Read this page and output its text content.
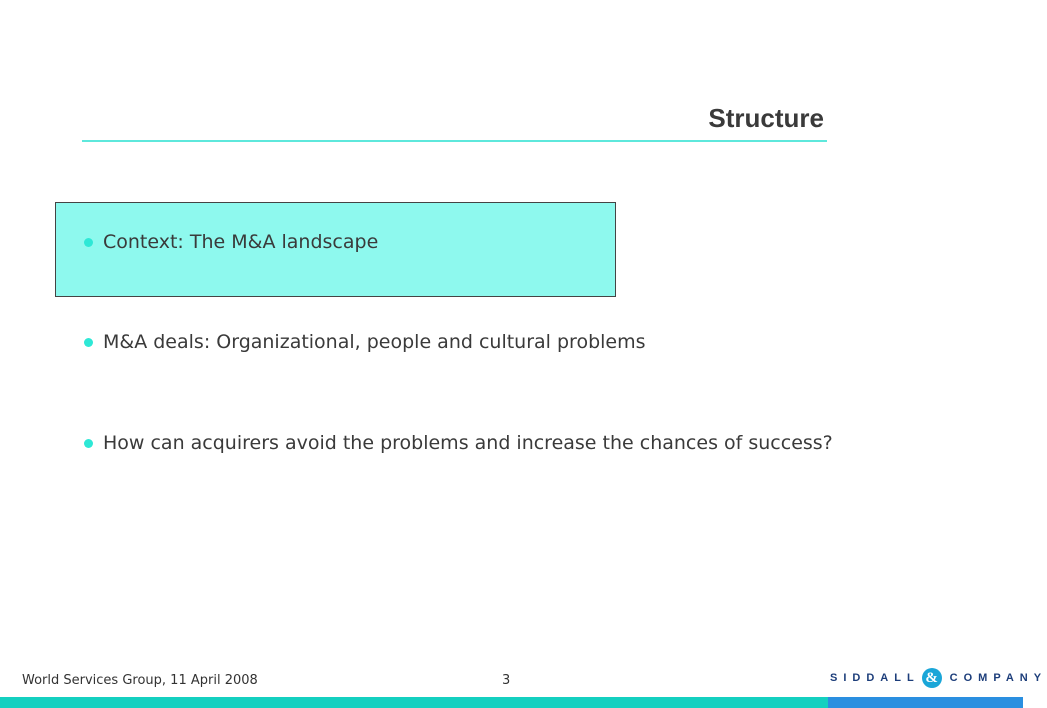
Structure
Context: The M&A landscape
M&A deals: Organizational, people and cultural problems
How can acquirers avoid the problems and increase the chances of success?
World Services Group, 11 April 2008	3	SIDDALL &	COMPANY
